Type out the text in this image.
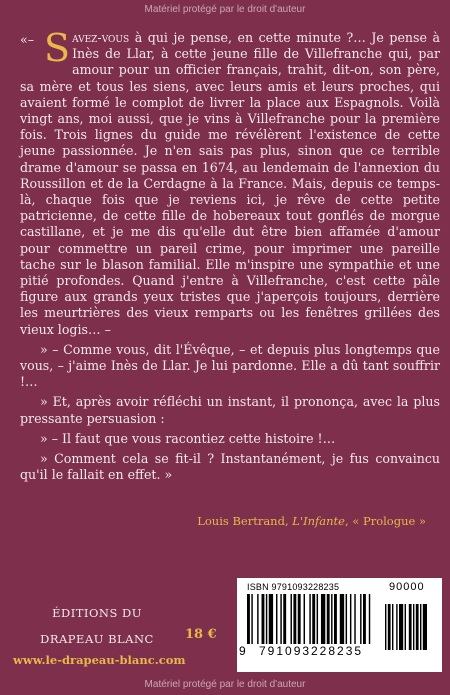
Matériel protégé par le droit d'auteur

«– S avez-vous à qui je pense, en cette minute ?… Je pense à Inès de Llar, à cette jeune fille de Villefranche qui, par amour pour un officier français, trahit, dit-on, son père, sa mère et tous les siens, avec leurs amis et leurs proches, qui avaient formé le complot de livrer la place aux Espagnols. Voilà vingt ans, moi aussi, que je vins à Villefranche pour la première fois. Trois lignes du guide me révélèrent l'existence de cette jeune passionnée. Je n'en sais pas plus, sinon que ce terrible drame d'amour se passa en 1674, au lendemain de l'annexion du Roussillon et de la Cerdagne à la France. Mais, depuis ce temps-là, chaque fois que je reviens ici, je rêve de cette petite patricienne, de cette fille de hobereaux tout gonflés de morgue castillane, et je me dis qu'elle dut être bien affamée d'amour pour commettre un pareil crime, pour imprimer une pareille tache sur le blason familial. Elle m'inspire une sympathie et une pitié profondes. Quand j'entre à Villefranche, c'est cette pâle figure aux grands yeux tristes que j'aperçois toujours, derrière les meurtrières des vieux remparts ou les fenêtres grillées des vieux logis… –

» – Comme vous, dit l'Évêque, – et depuis plus longtemps que vous, – j'aime Inès de Llar. Je lui pardonne. Elle a dû tant souffrir !…

» Et, après avoir réfléchi un instant, il prononça, avec la plus pressante persuasion :

» – Il faut que vous racontiez cette histoire !…

» Comment cela se fit-il ? Instantanément, je fus convaincu qu'il le fallait en effet. »

Louis Bertrand, L'Infante, « Prologue »
ISBN 9791093228235
9 791093 228235
90000
ÉDITIONS DU
DRAPEAU BLANC	18 €
www.le-drapeau-blanc.com
Matériel protégé par le droit d'auteur
